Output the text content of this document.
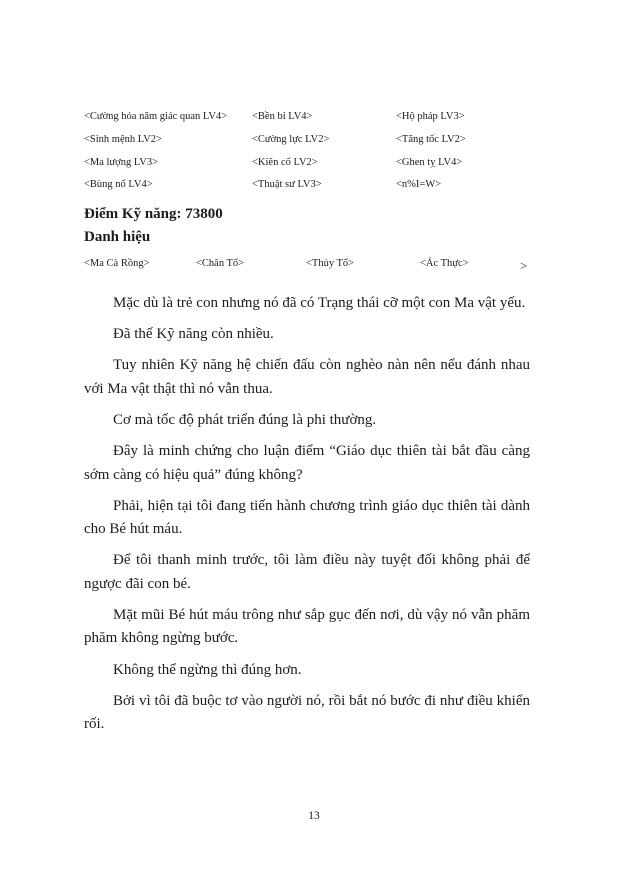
<Cường hóa năm giác quan LV4> <Bền bỉ LV4>	<Hộ pháp LV3>
<Sinh mệnh LV2>	<Cường lực LV2>	<Tăng tốc LV2>
<Ma lượng LV3>	<Kiên cố LV2>	<Ghen tỵ LV4>
<Bùng nổ LV4>	<Thuật sư LV3>	<n%I=W>
Điểm Kỹ năng: 73800
Danh hiệu
<Ma Cà Rồng>	<Chân Tổ>	<Thủy Tổ>	<Ác Thực>	>

Mặc dù là trẻ con nhưng nó đã có Trạng thái cỡ một con Ma vật yếu.

Đã thế Kỹ năng còn nhiều.

Tuy nhiên Kỹ năng hệ chiến đấu còn nghèo nàn nên nếu đánh nhau với Ma vật thật thì nó vẫn thua.

Cơ mà tốc độ phát triển đúng là phi thường.

Đây là minh chứng cho luận điểm “Giáo dục thiên tài bắt đầu càng sớm càng có hiệu quả” đúng không?

Phải, hiện tại tôi đang tiến hành chương trình giáo dục thiên tài dành cho Bé hút máu.

Để tôi thanh minh trước, tôi làm điều này tuyệt đối không phải để ngược đãi con bé.

Mặt mũi Bé hút máu trông như sắp gục đến nơi, dù vậy nó vẫn phăm phăm không ngừng bước.

Không thể ngừng thì đúng hơn.

Bởi vì tôi đã buộc tơ vào người nó, rồi bắt nó bước đi như điều khiển rối.

13
